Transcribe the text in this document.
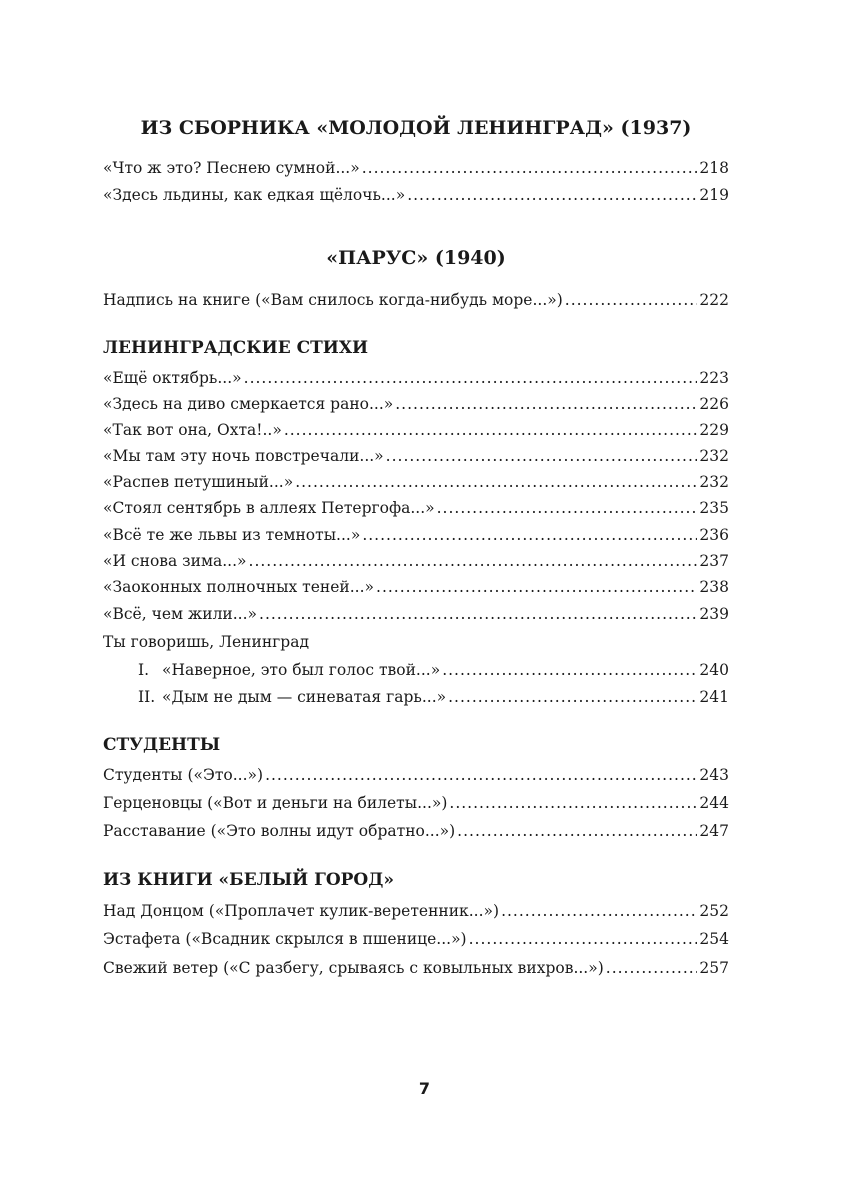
ИЗ СБОРНИКА «МОЛОДОЙ ЛЕНИНГРАД» (1937)
«Что ж это? Песнею сумной...» .....	218
«Здесь льдины, как едкая щёлочь...» .....	219
«ПАРУС» (1940)
Надпись на книге («Вам снилось когда-нибудь море...») .....	222
ЛЕНИНГРАДСКИЕ СТИХИ
«Ещё октябрь...» .....	223
«Здесь на диво смеркается рано...» .....	226
«Так вот она, Охта!..» .....	229
«Мы там эту ночь повстречали...» .....	232
«Распев петушиный...» .....	232
«Стоял сентябрь в аллеях Петергофа...» .....	235
«Всё те же львы из темноты...» .....	236
«И снова зима...» .....	237
«Заоконных полночных теней...» .....	238
«Всё, чем жили...» .....	239
Ты говоришь, Ленинград
I. «Наверное, это был голос твой...» .....	240
II. «Дым не дым — синеватая гарь...» .....	241
СТУДЕНТЫ
Студенты («Это...») .....	243
Герценовцы («Вот и деньги на билеты...») .....	244
Расставание («Это волны идут обратно...») .....	247
ИЗ КНИГИ «БЕЛЫЙ ГОРОД»
Над Донцом («Проплачет кулик-веретенник...») .....	252
Эстафета («Всадник скрылся в пшенице...») .....	254
Свежий ветер («С разбегу, срываясь с ковыльных вихров...») .....	257
7
